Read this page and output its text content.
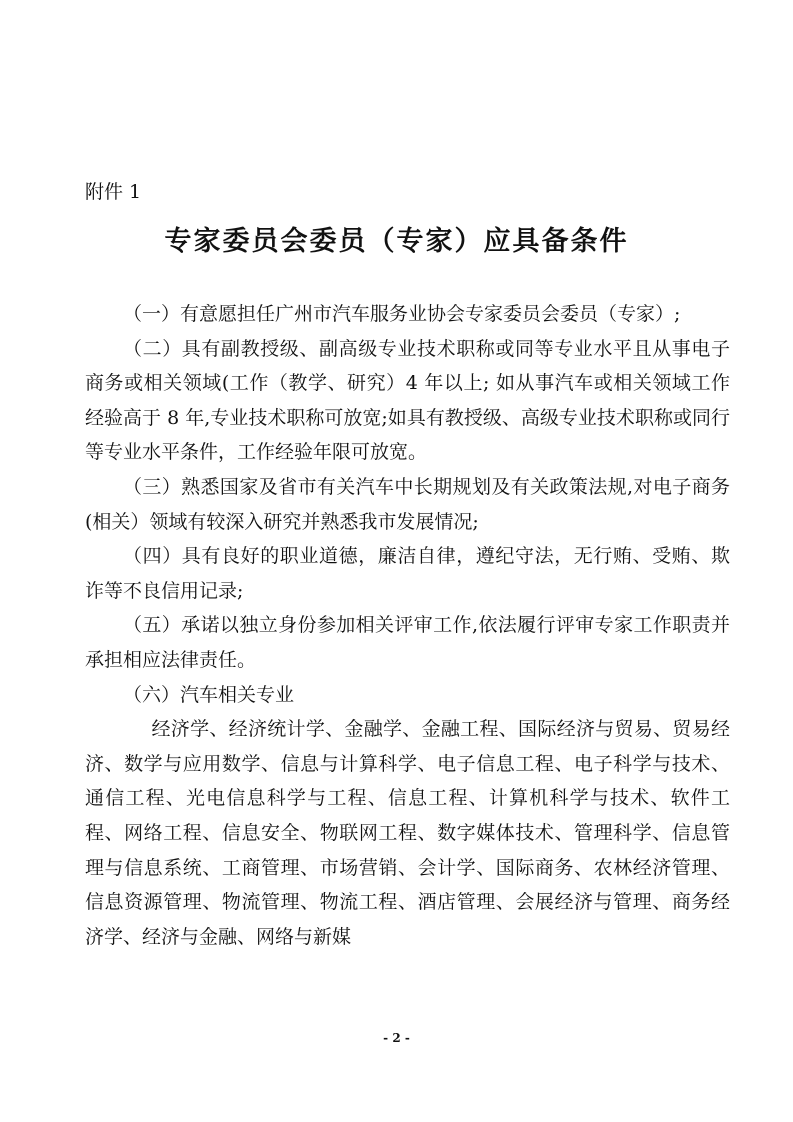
附件 1
专家委员会委员（专家）应具备条件

（一）有意愿担任广州市汽车服务业协会专家委员会委员（专家）;

（二）具有副教授级、副高级专业技术职称或同等专业水平且从事电子商务或相关领域(工作（教学、研究）4 年以上; 如从事汽车或相关领域工作经验高于 8 年,专业技术职称可放宽;如具有教授级、高级专业技术职称或同行等专业水平条件，工作经验年限可放宽。

（三）熟悉国家及省市有关汽车中长期规划及有关政策法规,对电子商务(相关）领域有较深入研究并熟悉我市发展情况;

（四）具有良好的职业道德，廉洁自律，遵纪守法，无行贿、受贿、欺诈等不良信用记录;

（五）承诺以独立身份参加相关评审工作,依法履行评审专家工作职责并承担相应法律责任。

（六）汽车相关专业

经济学、经济统计学、金融学、金融工程、国际经济与贸易、贸易经济、数学与应用数学、信息与计算科学、电子信息工程、电子科学与技术、通信工程、光电信息科学与工程、信息工程、计算机科学与技术、软件工程、网络工程、信息安全、物联网工程、数字媒体技术、管理科学、信息管理与信息系统、工商管理、市场营销、会计学、国际商务、农林经济管理、信息资源管理、物流管理、物流工程、酒店管理、会展经济与管理、商务经济学、经济与金融、网络与新媒

- 2 -
